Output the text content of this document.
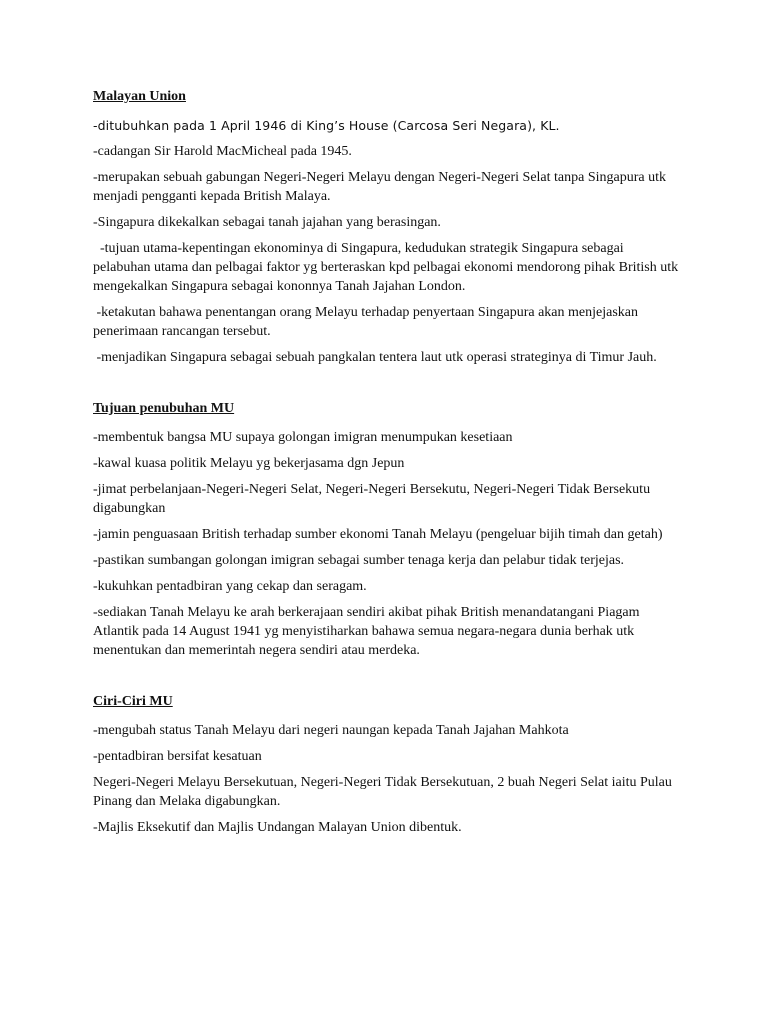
Malayan Union

-ditubuhkan pada 1 April 1946 di King’s House (Carcosa Seri Negara), KL.

-cadangan Sir Harold MacMicheal pada 1945.

-merupakan sebuah gabungan Negeri-Negeri Melayu dengan Negeri-Negeri Selat tanpa Singapura utk menjadi pengganti kepada British Malaya.

-Singapura dikekalkan sebagai tanah jajahan yang berasingan.

-tujuan utama-kepentingan ekonominya di Singapura, kedudukan strategik Singapura sebagai pelabuhan utama dan pelbagai faktor yg berteraskan kpd pelbagai ekonomi mendorong pihak British utk mengekalkan Singapura sebagai kononnya Tanah Jajahan London.

-ketakutan bahawa penentangan orang Melayu terhadap penyertaan Singapura akan menjejaskan penerimaan rancangan tersebut.

-menjadikan Singapura sebagai sebuah pangkalan tentera laut utk operasi strateginya di Timur Jauh.

Tujuan penubuhan MU

-membentuk bangsa MU supaya golongan imigran menumpukan kesetiaan

-kawal kuasa politik Melayu yg bekerjasama dgn Jepun

-jimat perbelanjaan-Negeri-Negeri Selat, Negeri-Negeri Bersekutu, Negeri-Negeri Tidak Bersekutu digabungkan

-jamin penguasaan British terhadap sumber ekonomi Tanah Melayu (pengeluar bijih timah dan getah)

-pastikan sumbangan golongan imigran sebagai sumber tenaga kerja dan pelabur tidak terjejas.

-kukuhkan pentadbiran yang cekap dan seragam.

-sediakan Tanah Melayu ke arah berkerajaan sendiri akibat pihak British menandatangani Piagam Atlantik pada 14 August 1941 yg menyistiharkan bahawa semua negara-negara dunia berhak utk menentukan dan memerintah negera sendiri atau merdeka.

Ciri-Ciri MU

-mengubah status Tanah Melayu dari negeri naungan kepada Tanah Jajahan Mahkota

-pentadbiran bersifat kesatuan

Negeri-Negeri Melayu Bersekutuan, Negeri-Negeri Tidak Bersekutuan, 2 buah Negeri Selat iaitu Pulau Pinang dan Melaka digabungkan.

-Majlis Eksekutif dan Majlis Undangan Malayan Union dibentuk.
